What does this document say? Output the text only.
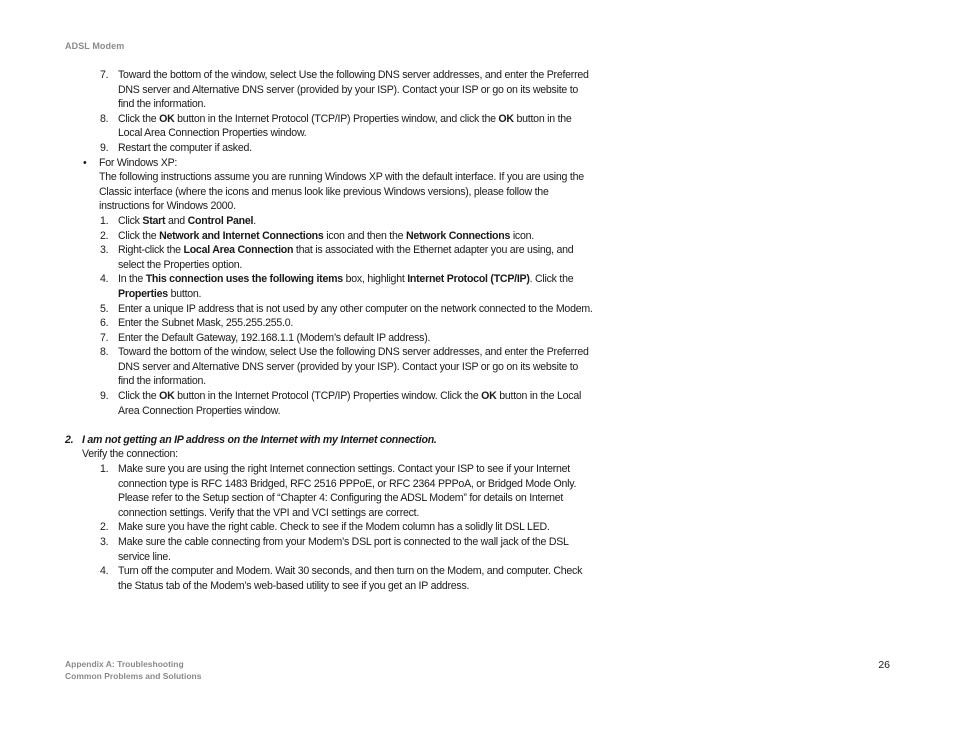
ADSL Modem
7. Toward the bottom of the window, select Use the following DNS server addresses, and enter the Preferred DNS server and Alternative DNS server (provided by your ISP). Contact your ISP or go on its website to find the information.
8. Click the OK button in the Internet Protocol (TCP/IP) Properties window, and click the OK button in the Local Area Connection Properties window.
9. Restart the computer if asked.
• For Windows XP:
The following instructions assume you are running Windows XP with the default interface. If you are using the Classic interface (where the icons and menus look like previous Windows versions), please follow the instructions for Windows 2000.
1. Click Start and Control Panel.
2. Click the Network and Internet Connections icon and then the Network Connections icon.
3. Right-click the Local Area Connection that is associated with the Ethernet adapter you are using, and select the Properties option.
4. In the This connection uses the following items box, highlight Internet Protocol (TCP/IP). Click the Properties button.
5. Enter a unique IP address that is not used by any other computer on the network connected to the Modem.
6. Enter the Subnet Mask, 255.255.255.0.
7. Enter the Default Gateway, 192.168.1.1 (Modem’s default IP address).
8. Toward the bottom of the window, select Use the following DNS server addresses, and enter the Preferred DNS server and Alternative DNS server (provided by your ISP). Contact your ISP or go on its website to find the information.
9. Click the OK button in the Internet Protocol (TCP/IP) Properties window. Click the OK button in the Local Area Connection Properties window.
2. I am not getting an IP address on the Internet with my Internet connection.
Verify the connection:
1. Make sure you are using the right Internet connection settings. Contact your ISP to see if your Internet connection type is RFC 1483 Bridged, RFC 2516 PPPoE, or RFC 2364 PPPoA, or Bridged Mode Only. Please refer to the Setup section of “Chapter 4: Configuring the ADSL Modem” for details on Internet connection settings. Verify that the VPI and VCI settings are correct.
2. Make sure you have the right cable. Check to see if the Modem column has a solidly lit DSL LED.
3. Make sure the cable connecting from your Modem’s DSL port is connected to the wall jack of the DSL service line.
4. Turn off the computer and Modem. Wait 30 seconds, and then turn on the Modem, and computer. Check the Status tab of the Modem’s web-based utility to see if you get an IP address.
Appendix A: Troubleshooting
Common Problems and Solutions
26
